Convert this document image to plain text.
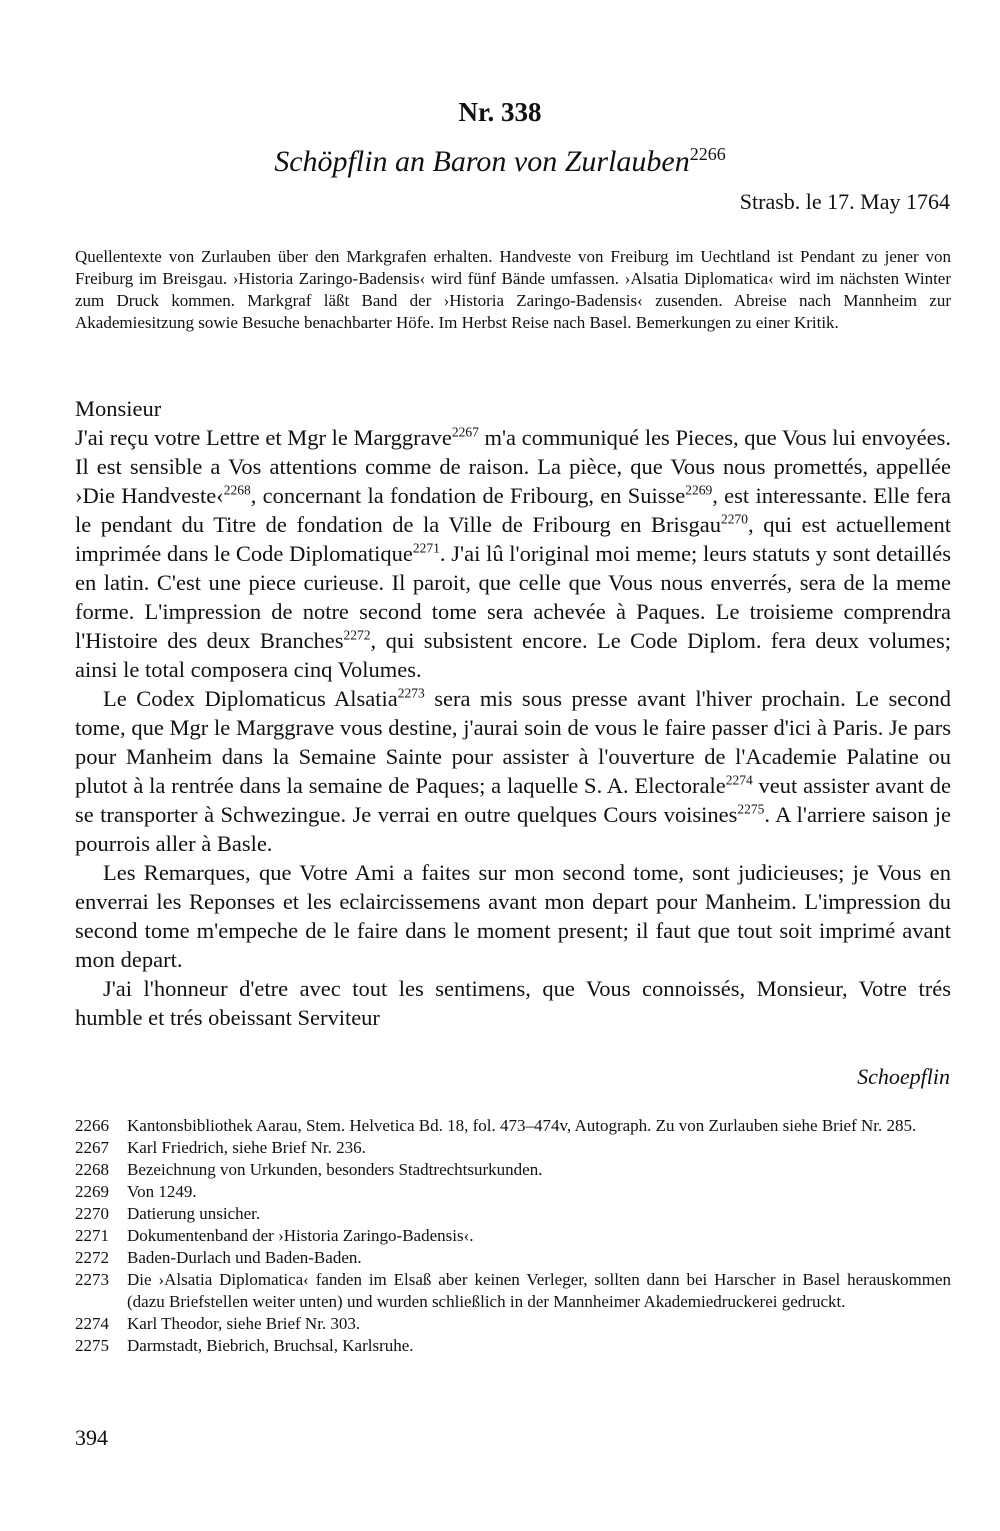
Nr. 338
Schöpflin an Baron von Zurlauben$^{2266}$
Strasb. le 17. May 1764
Quellentexte von Zurlauben über den Markgrafen erhalten. Handveste von Freiburg im Uechtland ist Pendant zu jener von Freiburg im Breisgau. ›Historia Zaringo-Badensis‹ wird fünf Bände umfassen. ›Alsatia Diplomatica‹ wird im nächsten Winter zum Druck kommen. Markgraf läßt Band der ›Historia Zaringo-Badensis‹ zusenden. Abreise nach Mannheim zur Akademiesitzung sowie Besuche benachbarter Höfe. Im Herbst Reise nach Basel. Bemerkungen zu einer Kritik.

Monsieur

J'ai reçu votre Lettre et Mgr le Marggrave$^{2267}$ m'a communiqué les Pieces, que Vous lui envoyées. Il est sensible a Vos attentions comme de raison. La pièce, que Vous nous promettés, appellée ›Die Handveste‹$^{2268}$, concernant la fondation de Fribourg, en Suisse$^{2269}$, est interessante. Elle fera le pendant du Titre de fondation de la Ville de Fribourg en Brisgau$^{2270}$, qui est actuellement imprimée dans le Code Diplomatique$^{2271}$. J'ai lû l'original moi meme; leurs statuts y sont detaillés en latin. C'est une piece curieuse. Il paroit, que celle que Vous nous enverrés, sera de la meme forme. L'impression de notre second tome sera achevée à Paques. Le troisieme comprendra l'Histoire des deux Branches$^{2272}$, qui subsistent encore. Le Code Diplom. fera deux volumes; ainsi le total composera cinq Volumes.

Le Codex Diplomaticus Alsatia$^{2273}$ sera mis sous presse avant l'hiver prochain. Le second tome, que Mgr le Marggrave vous destine, j'aurai soin de vous le faire passer d'ici à Paris. Je pars pour Manheim dans la Semaine Sainte pour assister à l'ouverture de l'Academie Palatine ou plutot à la rentrée dans la semaine de Paques; a laquelle S. A. Electorale$^{2274}$ veut assister avant de se transporter à Schwezingue. Je verrai en outre quelques Cours voisines$^{2275}$. A l'arriere saison je pourrois aller à Basle.

Les Remarques, que Votre Ami a faites sur mon second tome, sont judicieuses; je Vous en enverrai les Reponses et les eclaircissemens avant mon depart pour Manheim. L'impression du second tome m'empeche de le faire dans le moment present; il faut que tout soit imprimé avant mon depart.

J'ai l'honneur d'etre avec tout les sentimens, que Vous connoissés, Monsieur, Votre trés humble et trés obeissant Serviteur

Schoepflin
2266	Kantonsbibliothek Aarau, Stem. Helvetica Bd. 18, fol. 473–474v, Autograph. Zu von Zurlauben siehe Brief Nr. 285.
2267	Karl Friedrich, siehe Brief Nr. 236.
2268	Bezeichnung von Urkunden, besonders Stadtrechtsurkunden.
2269	Von 1249.
2270	Datierung unsicher.
2271	Dokumentenband der ›Historia Zaringo-Badensis‹.
2272	Baden-Durlach und Baden-Baden.
2273	Die ›Alsatia Diplomatica‹ fanden im Elsaß aber keinen Verleger, sollten dann bei Harscher in Basel herauskommen (dazu Briefstellen weiter unten) und wurden schließlich in der Mannheimer Akademiedruckerei gedruckt.
2274	Karl Theodor, siehe Brief Nr. 303.
2275	Darmstadt, Biebrich, Bruchsal, Karlsruhe.
394
